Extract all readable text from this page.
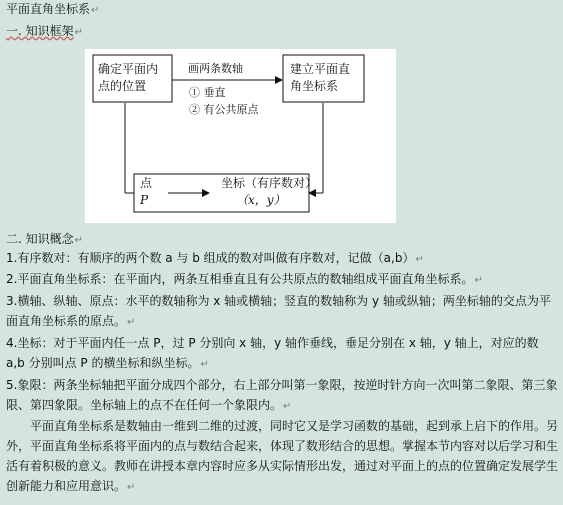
平面直角坐标系↵
一. 知识框架↵
确定平面内
点的位置
建立平面直
角坐标系
画两条数轴
① 垂直
② 有公共原点
点
P
坐标（有序数对）
（x，y）
二. 知识概念↵
1.有序数对：有顺序的两个数 a 与 b 组成的数对叫做有序数对，记做（a,b）↵
2.平面直角坐标系：在平面内，两条互相垂直且有公共原点的数轴组成平面直角坐标系。↵
3.横轴、纵轴、原点：水平的数轴称为 x 轴或横轴；竖直的数轴称为 y 轴或纵轴；两坐标轴的交点为平面直角坐标系的原点。↵
4.坐标：对于平面内任一点 P，过 P 分别向 x 轴，y 轴作垂线，垂足分别在 x 轴，y 轴上，对应的数 a,b 分别叫点 P 的横坐标和纵坐标。↵
5.象限：两条坐标轴把平面分成四个部分，右上部分叫第一象限，按逆时针方向一次叫第二象限、第三象限、第四象限。坐标轴上的点不在任何一个象限内。↵
平面直角坐标系是数轴由一维到二维的过渡，同时它又是学习函数的基础，起到承上启下的作用。另外，平面直角坐标系将平面内的点与数结合起来，体现了数形结合的思想。掌握本节内容对以后学习和生活有着积极的意义。教师在讲授本章内容时应多从实际情形出发，通过对平面上的点的位置确定发展学生创新能力和应用意识。↵
